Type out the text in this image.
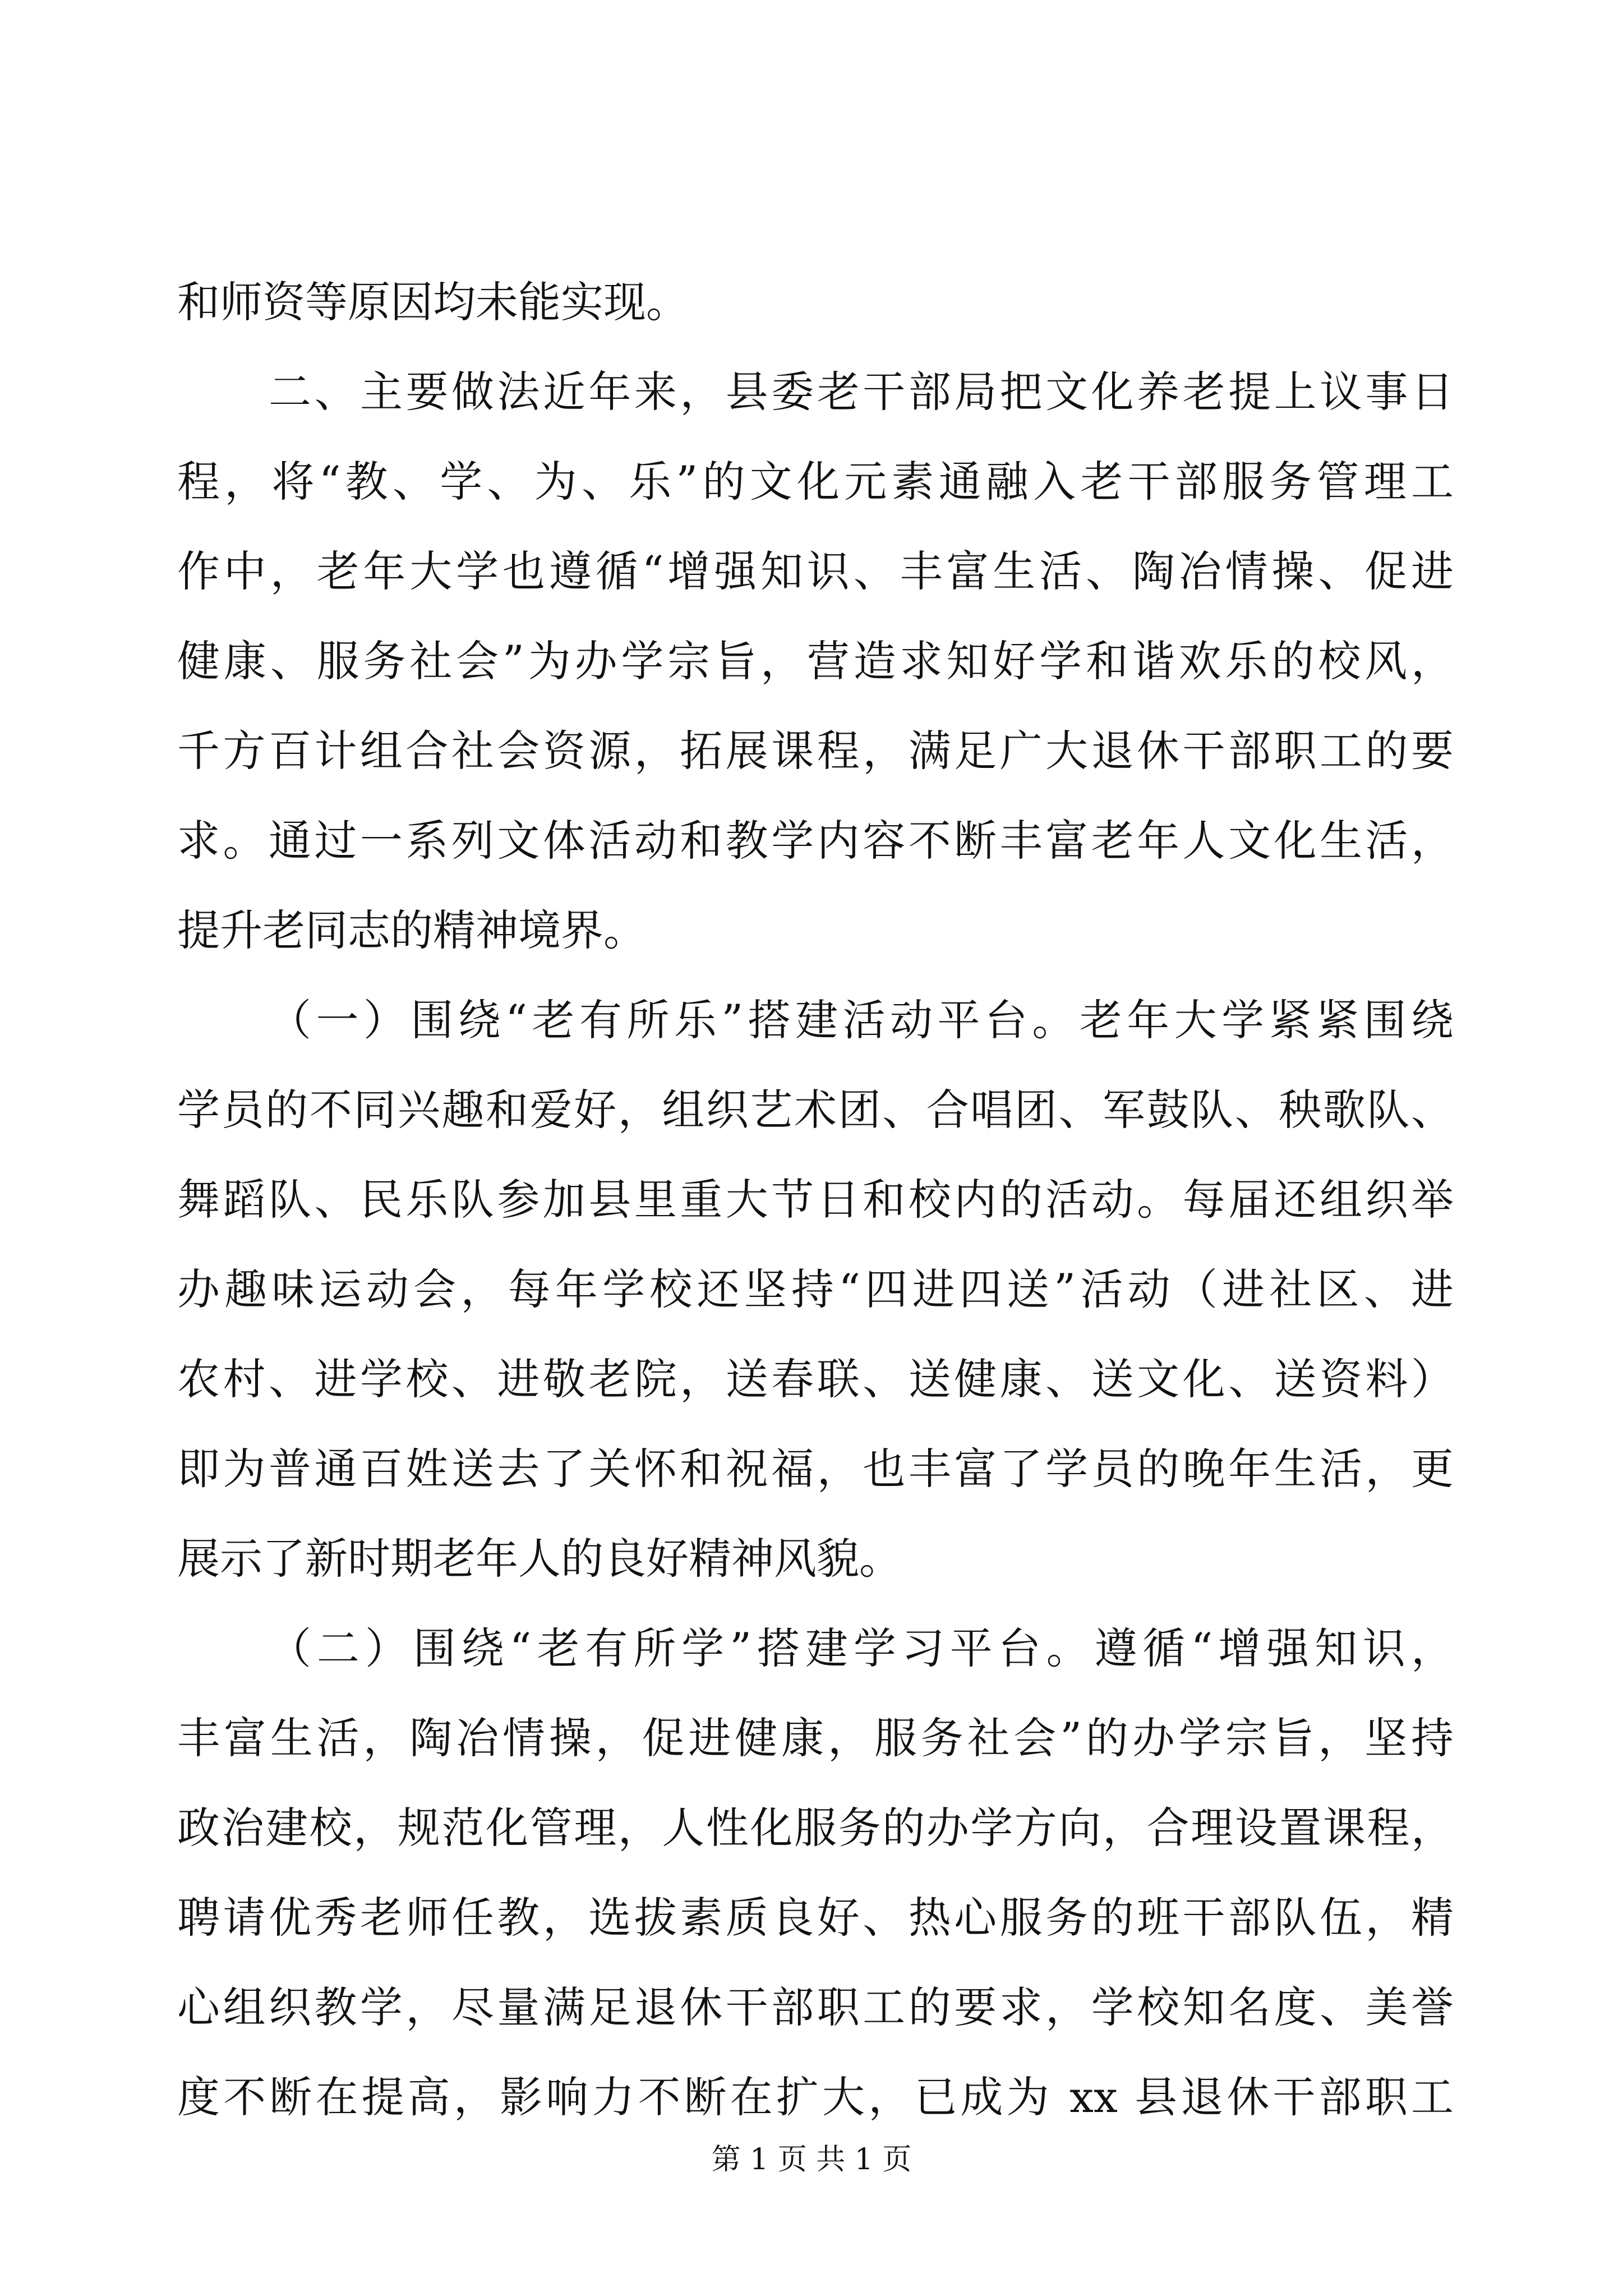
和师资等原因均未能实现。
二、主要做法近年来，县委老干部局把文化养老提上议事日
程，将“教、学、为、乐”的文化元素通融入老干部服务管理工
作中，老年大学也遵循“增强知识、丰富生活、陶冶情操、促进
健康、服务社会”为办学宗旨，营造求知好学和谐欢乐的校风，
千方百计组合社会资源，拓展课程，满足广大退休干部职工的要
求。通过一系列文体活动和教学内容不断丰富老年人文化生活，
提升老同志的精神境界。
（一）围绕“老有所乐”搭建活动平台。老年大学紧紧围绕
学员的不同兴趣和爱好，组织艺术团、合唱团、军鼓队、秧歌队、
舞蹈队、民乐队参加县里重大节日和校内的活动。每届还组织举
办趣味运动会，每年学校还坚持“四进四送”活动（进社区、进
农村、进学校、进敬老院，送春联、送健康、送文化、送资料）
即为普通百姓送去了关怀和祝福，也丰富了学员的晚年生活，更
展示了新时期老年人的良好精神风貌。
（二）围绕“老有所学”搭建学习平台。遵循“增强知识，
丰富生活，陶冶情操，促进健康，服务社会”的办学宗旨，坚持
政治建校，规范化管理，人性化服务的办学方向，合理设置课程，
聘请优秀老师任教，选拔素质良好、热心服务的班干部队伍，精
心组织教学，尽量满足退休干部职工的要求，学校知名度、美誉
度不断在提高，影响力不断在扩大，已成为 xx 县退休干部职工
第 1 页 共 1 页
